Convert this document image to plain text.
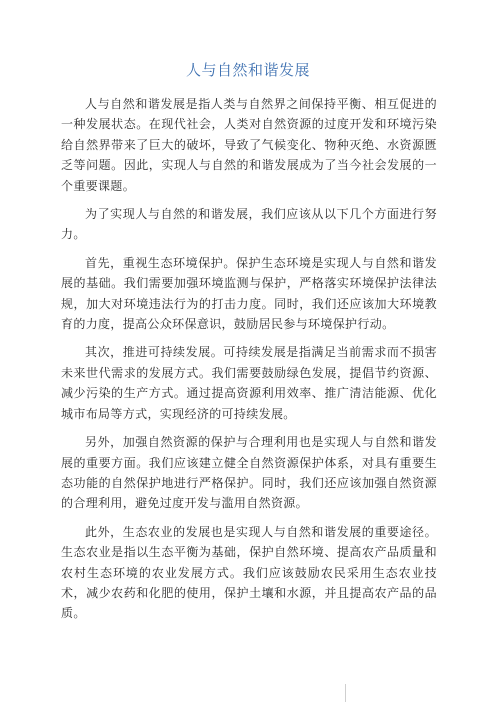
人与自然和谐发展

人与自然和谐发展是指人类与自然界之间保持平衡、相互促进的一种发展状态。在现代社会，人类对自然资源的过度开发和环境污染给自然界带来了巨大的破坏，导致了气候变化、物种灭绝、水资源匮乏等问题。因此，实现人与自然的和谐发展成为了当今社会发展的一个重要课题。

为了实现人与自然的和谐发展，我们应该从以下几个方面进行努力。

首先，重视生态环境保护。保护生态环境是实现人与自然和谐发展的基础。我们需要加强环境监测与保护，严格落实环境保护法律法规，加大对环境违法行为的打击力度。同时，我们还应该加大环境教育的力度，提高公众环保意识，鼓励居民参与环境保护行动。

其次，推进可持续发展。可持续发展是指满足当前需求而不损害未来世代需求的发展方式。我们需要鼓励绿色发展，提倡节约资源、减少污染的生产方式。通过提高资源利用效率、推广清洁能源、优化城市布局等方式，实现经济的可持续发展。

另外，加强自然资源的保护与合理利用也是实现人与自然和谐发展的重要方面。我们应该建立健全自然资源保护体系，对具有重要生态功能的自然保护地进行严格保护。同时，我们还应该加强自然资源的合理利用，避免过度开发与滥用自然资源。

此外，生态农业的发展也是实现人与自然和谐发展的重要途径。生态农业是指以生态平衡为基础，保护自然环境、提高农产品质量和农村生态环境的农业发展方式。我们应该鼓励农民采用生态农业技术，减少农药和化肥的使用，保护土壤和水源，并且提高农产品的品质。
